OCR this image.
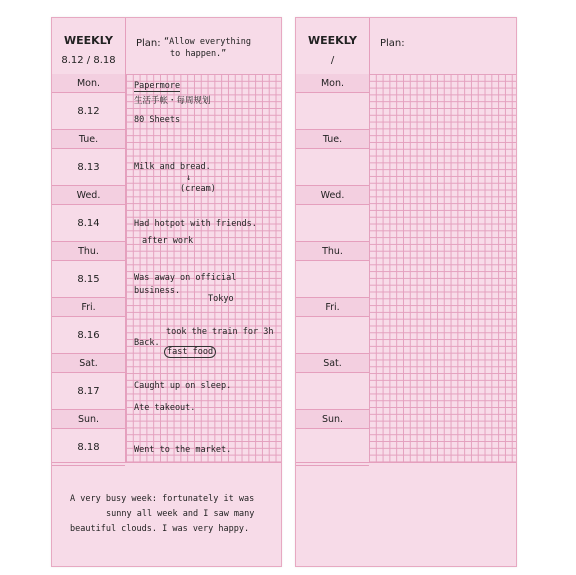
WEEKLY
8.12 / 8.18
Plan: “Allow everything
to happen.”
Mon.
8.12
Tue.
8.13
Wed.
8.14
Thu.
8.15
Fri.
8.16
Sat.
8.17
Sun.
8.18
Papermore
生活手帐・每周规划
80 Sheets
Milk and bread.
↓
(cream)
Had hotpot with friends.
after work
Was away on official
business.
Tokyo
took the train for 3h
Back.
fast food
Caught up on sleep.
Ate takeout.
Went to the market.
A very busy week: fortunately it was
sunny all week and I saw many
beautiful clouds. I was very happy.
WEEKLY
/
Plan:
Mon.
Tue.
Wed.
Thu.
Fri.
Sat.
Sun.
